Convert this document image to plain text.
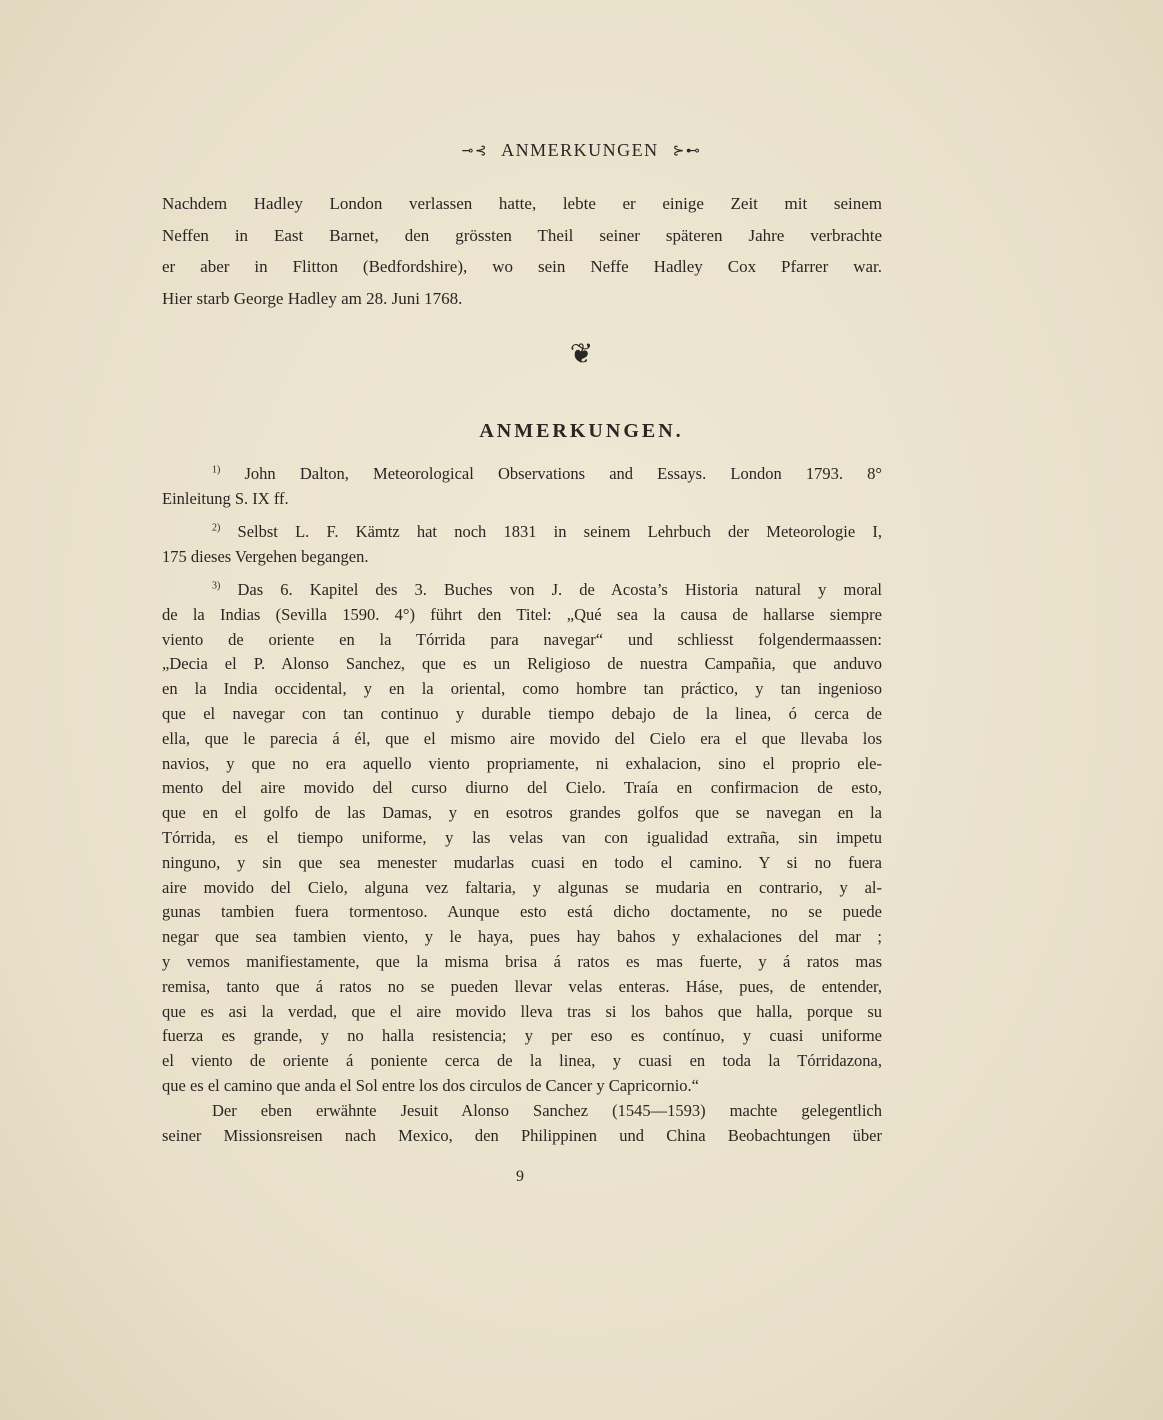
⊸⊰ ANMERKUNGEN ⊱⊷
Nachdem Hadley London verlassen hatte, lebte er einige Zeit mit seinem
Neffen in East Barnet, den grössten Theil seiner späteren Jahre verbrachte
er aber in Flitton (Bedfordshire), wo sein Neffe Hadley Cox Pfarrer war.
Hier starb George Hadley am 28. Juni 1768.
❦
ANMERKUNGEN.
$^{1)}$ John Dalton, Meteorological Observations and Essays. London 1793. 8°
Einleitung S. IX ff.
$^{2)}$ Selbst L. F. Kämtz hat noch 1831 in seinem Lehrbuch der Meteorologie I,
175 dieses Vergehen begangen.
$^{3)}$ Das 6. Kapitel des 3. Buches von J. de Acosta’s Historia natural y moral
de la Indias (Sevilla 1590. 4°) führt den Titel: „Qué sea la causa de hallarse siempre
viento de oriente en la Tórrida para navegar“ und schliesst folgendermaassen:
„Decia el P. Alonso Sanchez, que es un Religioso de nuestra Campañia, que anduvo
en la India occidental, y en la oriental, como hombre tan práctico, y tan ingenioso
que el navegar con tan continuo y durable tiempo debajo de la linea, ó cerca de
ella, que le parecia á él, que el mismo aire movido del Cielo era el que llevaba los
navios, y que no era aquello viento propriamente, ni exhalacion, sino el proprio ele-
mento del aire movido del curso diurno del Cielo. Traía en confirmacion de esto,
que en el golfo de las Damas, y en esotros grandes golfos que se navegan en la
Tórrida, es el tiempo uniforme, y las velas van con igualidad extraña, sin impetu
ninguno, y sin que sea menester mudarlas cuasi en todo el camino. Y si no fuera
aire movido del Cielo, alguna vez faltaria, y algunas se mudaria en contrario, y al-
gunas tambien fuera tormentoso. Aunque esto está dicho doctamente, no se puede
negar que sea tambien viento, y le haya, pues hay bahos y exhalaciones del mar ;
y vemos manifiestamente, que la misma brisa á ratos es mas fuerte, y á ratos mas
remisa, tanto que á ratos no se pueden llevar velas enteras. Háse, pues, de entender,
que es asi la verdad, que el aire movido lleva tras si los bahos que halla, porque su
fuerza es grande, y no halla resistencia; y per eso es contínuo, y cuasi uniforme
el viento de oriente á poniente cerca de la linea, y cuasi en toda la Tórridazona,
que es el camino que anda el Sol entre los dos circulos de Cancer y Capricornio.“
Der eben erwähnte Jesuit Alonso Sanchez (1545—1593) machte gelegentlich
seiner Missionsreisen nach Mexico, den Philippinen und China Beobachtungen über
9
